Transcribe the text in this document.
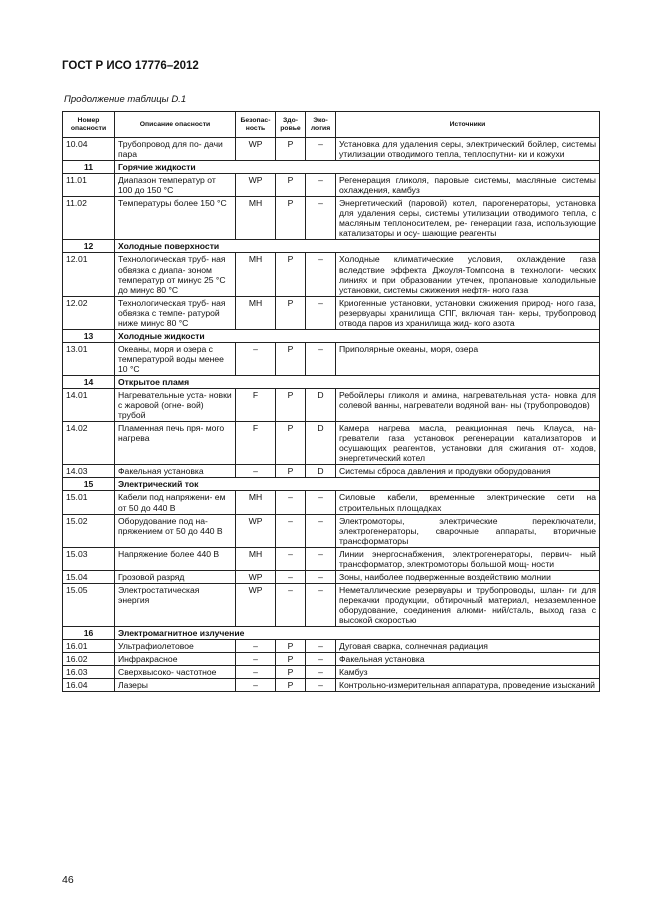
ГОСТ Р ИСО 17776–2012
Продолжение таблицы D.1
Номер опасности	Описание опасности	Безопас- ность	Здо- ровье	Эко- логия	Источники
10.04	Трубопровод для по- дачи пара	WP	P	–	Установка для удаления серы, электрический бойлер, системы утилизации отводимого тепла, теплоспутни- ки и кожухи
11	Горячие жидкости				
11.01	Диапазон температур от 100 до 150 °С	WP	P	–	Регенерация гликоля, паровые системы, масляные системы охлаждения, камбуз
11.02	Температуры более 150 °С	MH	P	–	Энергетический (паровой) котел, парогенераторы, установка для удаления серы, системы утилизации отводимого тепла, с масляным теплоносителем, ре- генерации газа, использующие катализаторы и осу- шающие реагенты
12	Холодные поверхности				
12.01	Технологическая труб- ная обвязка с диапа- зоном температур от минус 25 °С до минус 80 °С	MH	P	–	Холодные климатические условия, охлаждение газа вследствие эффекта Джоуля-Томпсона в технологи- ческих линиях и при образовании утечек, пропановые холодильные установки, системы сжижения нефтя- ного газа
12.02	Технологическая труб- ная обвязка с темпе- ратурой ниже минус 80 °С	MH	P	–	Криогенные установки, установки сжижения природ- ного газа, резервуары хранилища СПГ, включая тан- керы, трубопровод отвода паров из хранилища жид- кого азота
13	Холодные жидкости				
13.01	Океаны, моря и озера с температурой воды менее 10 °С	–	P	–	Приполярные океаны, моря, озера
14	Открытое пламя				
14.01	Нагревательные уста- новки с жаровой (огне- вой) трубой	F	P	D	Ребойлеры гликоля и амина, нагревательная уста- новка для солевой ванны, нагреватели водяной ван- ны (трубопроводов)
14.02	Пламенная печь пря- мого нагрева	F	P	D	Камера нагрева масла, реакционная печь Клауса, на- греватели газа установок регенерации катализаторов и осушающих реагентов, установки для сжигания от- ходов, энергетический котел
14.03	Факельная установка	–	P	D	Системы сброса давления и продувки оборудования
15	Электрический ток				
15.01	Кабели под напряжени- ем от 50 до 440 В	MH	–	–	Силовые кабели, временные электрические сети на строительных площадках
15.02	Оборудование под на- пряжением от 50 до 440 В	WP	–	–	Электромоторы, электрические переключатели, электрогенераторы, сварочные аппараты, вторичные трансформаторы
15.03	Напряжение более 440 В	MH	–	–	Линии энергоснабжения, электрогенераторы, первич- ный трансформатор, электромоторы большой мощ- ности
15.04	Грозовой разряд	WP	–	–	Зоны, наиболее подверженные воздействию молнии
15.05	Электростатическая энергия	WP	–	–	Неметаллические резервуары и трубопроводы, шлан- ги для перекачки продукции, обтирочный материал, незаземленное оборудование, соединения алюми- ний/сталь, выход газа с высокой скоростью
16	Электромагнитное излучение				
16.01	Ультрафиолетовое	–	P	–	Дуговая сварка, солнечная радиация
16.02	Инфракрасное	–	P	–	Факельная установка
16.03	Сверхвысоко- частотное	–	P	–	Камбуз
16.04	Лазеры	–	P	–	Контрольно-измерительная аппаратура, проведение изысканий
46
